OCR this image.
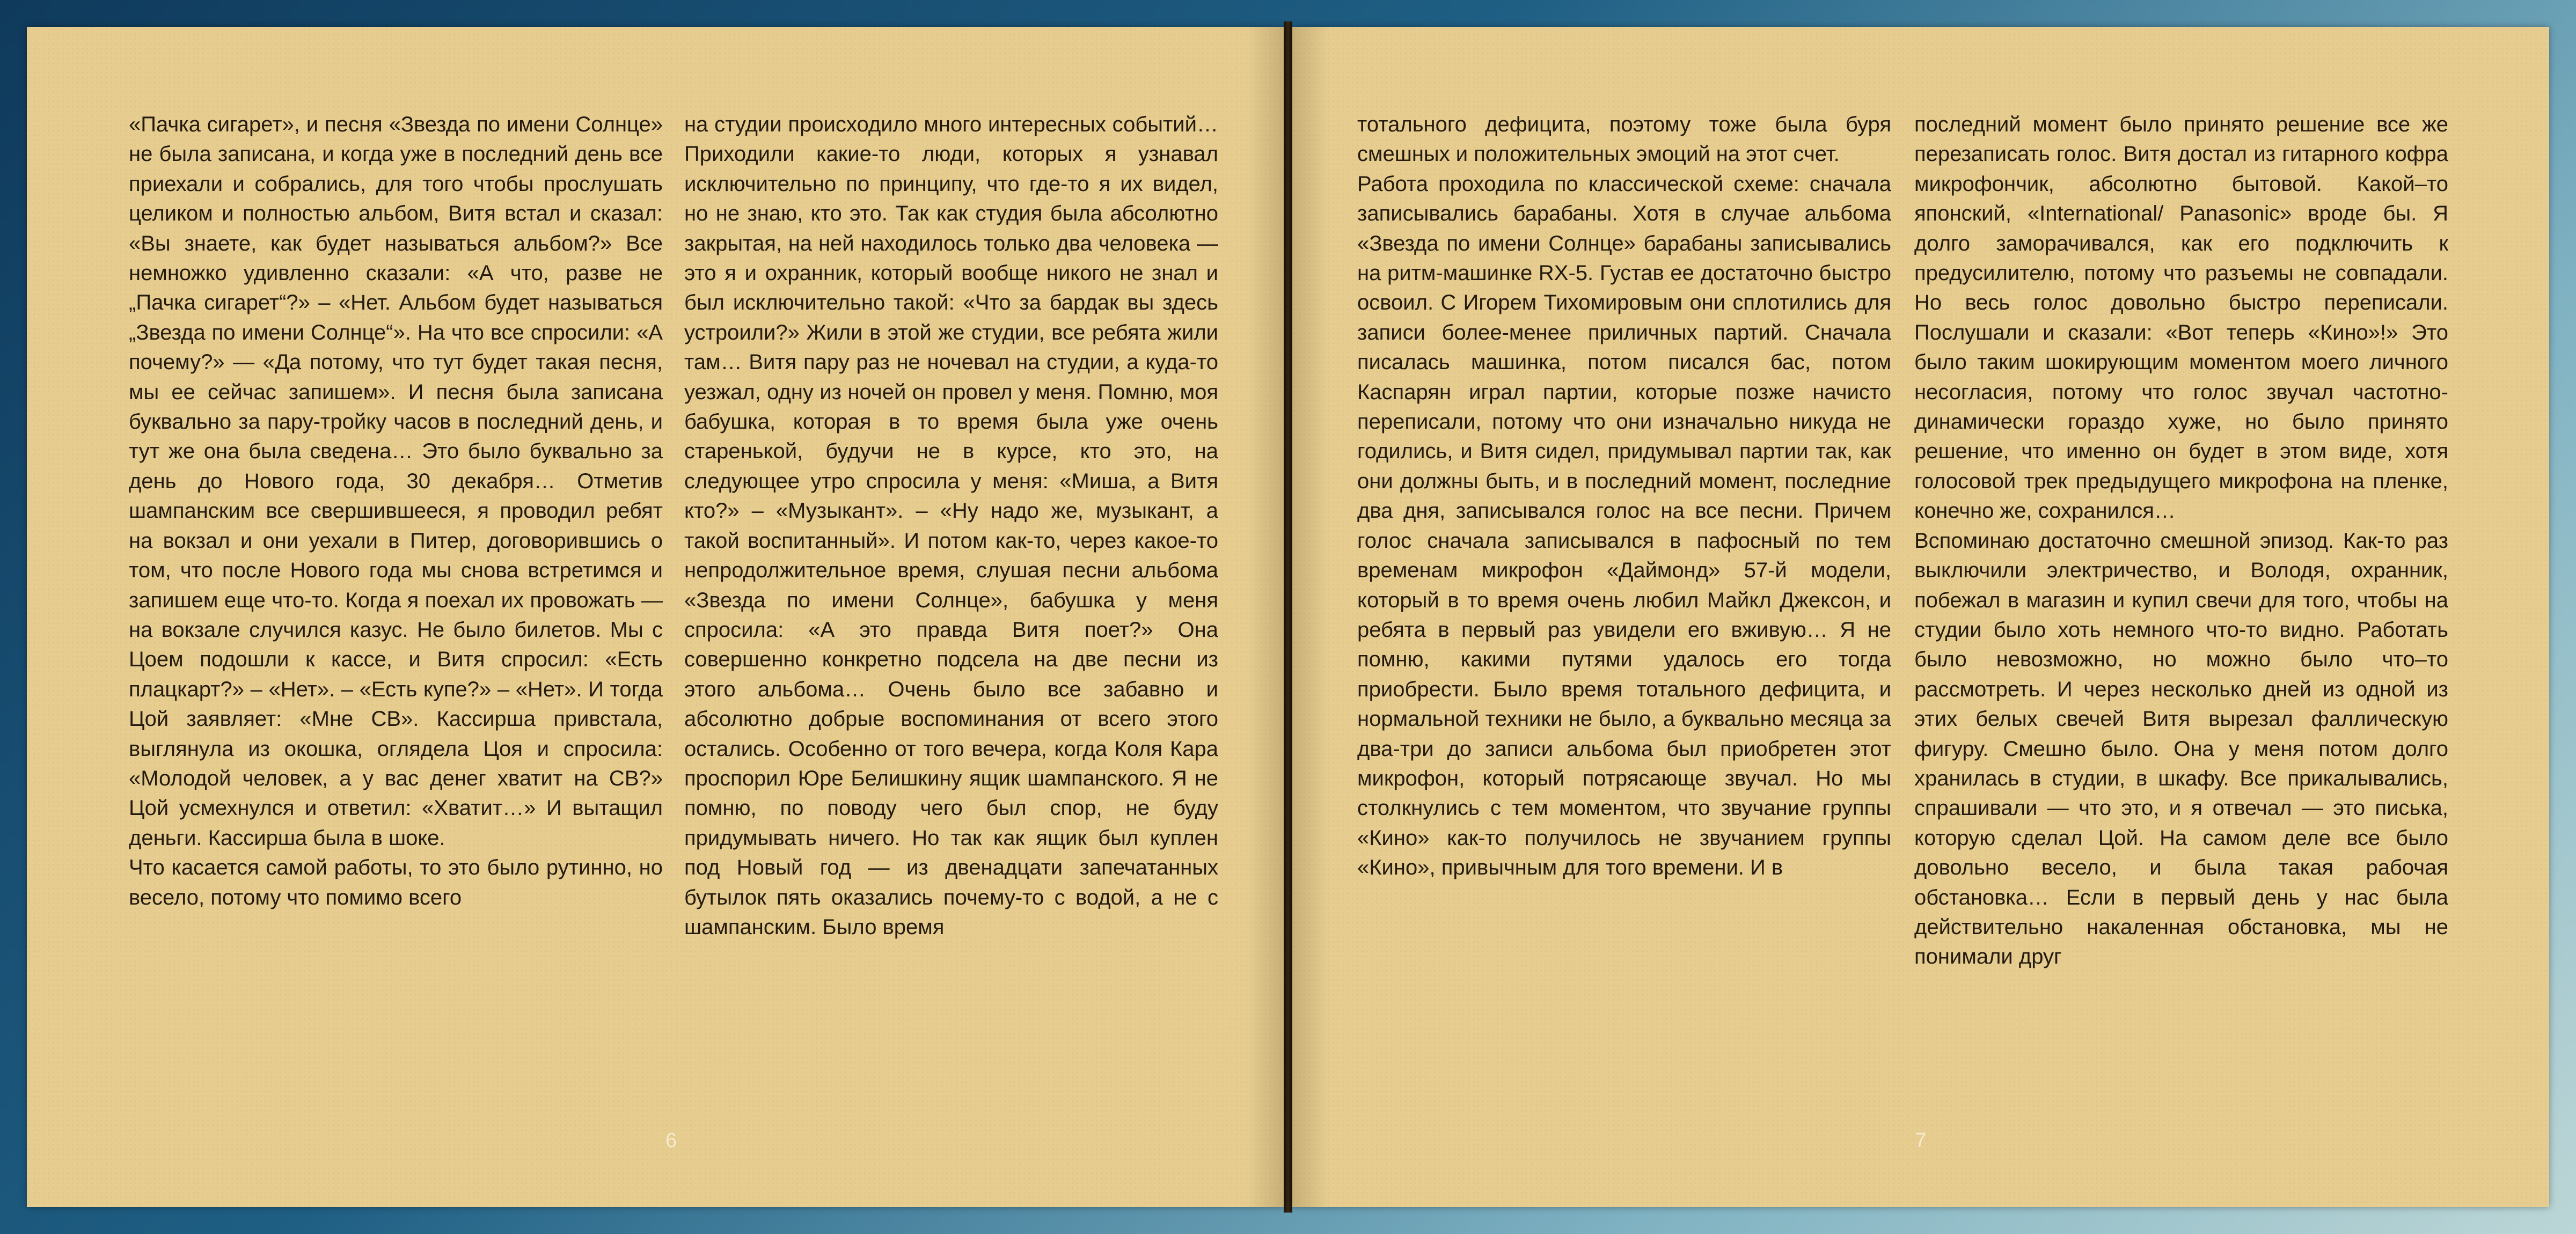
«Пачка сигарет», и песня «Звезда по имени Солнце» не была записана, и когда уже в последний день все приехали и собрались, для того чтобы прослушать целиком и полностью альбом, Витя встал и сказал: «Вы знаете, как будет называться альбом?» Все немножко удивленно сказали: «А что, разве не „Пачка сигарет“?» – «Нет. Альбом будет называться „Звезда по имени Солнце“». На что все спросили: «А почему?» — «Да потому, что тут будет такая песня, мы ее сейчас запишем». И песня была записана буквально за пару-тройку часов в последний день, и тут же она была сведена… Это было буквально за день до Нового года, 30 декабря… Отметив шампанским все свершившееся, я проводил ребят на вокзал и они уехали в Питер, договорившись о том, что после Нового года мы снова встретимся и запишем еще что-то. Когда я поехал их провожать — на вокзале случился казус. Не было билетов. Мы с Цоем подошли к кассе, и Витя спросил: «Есть плацкарт?» – «Нет». – «Есть купе?» – «Нет». И тогда Цой заявляет: «Мне СВ». Кассирша привстала, выглянула из окошка, оглядела Цоя и спросила: «Молодой человек, а у вас денег хватит на СВ?» Цой усмехнулся и ответил: «Хватит…» И вытащил деньги. Кассирша была в шоке.

Что касается самой работы, то это было рутинно, но весело, потому что помимо всего

на студии происходило много интересных событий… Приходили какие-то люди, которых я узнавал исключительно по принципу, что где-то я их видел, но не знаю, кто это. Так как студия была абсолютно закрытая, на ней находилось только два человека — это я и охранник, который вообще никого не знал и был исключительно такой: «Что за бардак вы здесь устроили?» Жили в этой же студии, все ребята жили там… Витя пару раз не ночевал на студии, а куда-то уезжал, одну из ночей он провел у меня. Помню, моя бабушка, которая в то время была уже очень старенькой, будучи не в курсе, кто это, на следующее утро спросила у меня: «Миша, а Витя кто?» – «Музыкант». – «Ну надо же, музыкант, а такой воспитанный». И потом как-то, через какое-то непродолжительное время, слушая песни альбома «Звезда по имени Солнце», бабушка у меня спросила: «А это правда Витя поет?» Она совершенно конкретно подсела на две песни из этого альбома… Очень было все забавно и абсолютно добрые воспоминания от всего этого остались. Особенно от того вечера, когда Коля Кара проспорил Юре Белишкину ящик шампанского. Я не помню, по поводу чего был спор, не буду придумывать ничего. Но так как ящик был куплен под Новый год — из двенадцати запечатанных бутылок пять оказались почему-то с водой, а не с шампанским. Было время

6

тотального дефицита, поэтому тоже была буря смешных и положительных эмоций на этот счет.

Работа проходила по классической схеме: сначала записывались барабаны. Хотя в случае альбома «Звезда по имени Солнце» барабаны записывались на ритм-машинке RX-5. Густав ее достаточно быстро освоил. С Игорем Тихомировым они сплотились для записи более-менее приличных партий. Сначала писалась машинка, потом писался бас, потом Каспарян играл партии, которые позже начисто переписали, потому что они изначально никуда не годились, и Витя сидел, придумывал партии так, как они должны быть, и в последний момент, последние два дня, записывался голос на все песни. Причем голос сначала записывался в пафосный по тем временам микрофон «Даймонд» 57-й модели, который в то время очень любил Майкл Джексон, и ребята в первый раз увидели его вживую… Я не помню, какими путями удалось его тогда приобрести. Было время тотального дефицита, и нормальной техники не было, а буквально месяца за два-три до записи альбома был приобретен этот микрофон, который потрясающе звучал. Но мы столкнулись с тем моментом, что звучание группы «Кино» как-то получилось не звучанием группы «Кино», привычным для того времени. И в

последний момент было принято решение все же перезаписать голос. Витя достал из гитарного кофра микрофончик, абсолютно бытовой. Какой–то японский, «International/ Panasonic» вроде бы. Я долго заморачивался, как его подключить к предусилителю, потому что разъемы не совпадали. Но весь голос довольно быстро переписали. Послушали и сказали: «Вот теперь «Кино»!» Это было таким шокирующим моментом моего личного несогласия, потому что голос звучал частотно-динамически гораздо хуже, но было принято решение, что именно он будет в этом виде, хотя голосовой трек предыдущего микрофона на пленке, конечно же, сохранился…

Вспоминаю достаточно смешной эпизод. Как-то раз выключили электричество, и Володя, охранник, побежал в магазин и купил свечи для того, чтобы на студии было хоть немного что-то видно. Работать было невозможно, но можно было что–то рассмотреть. И через несколько дней из одной из этих белых свечей Витя вырезал фаллическую фигуру. Смешно было. Она у меня потом долго хранилась в студии, в шкафу. Все прикалывались, спрашивали — что это, и я отвечал — это писька, которую сделал Цой. На самом деле все было довольно весело, и была такая рабочая обстановка… Если в первый день у нас была действительно накаленная обстановка, мы не понимали друг

7
